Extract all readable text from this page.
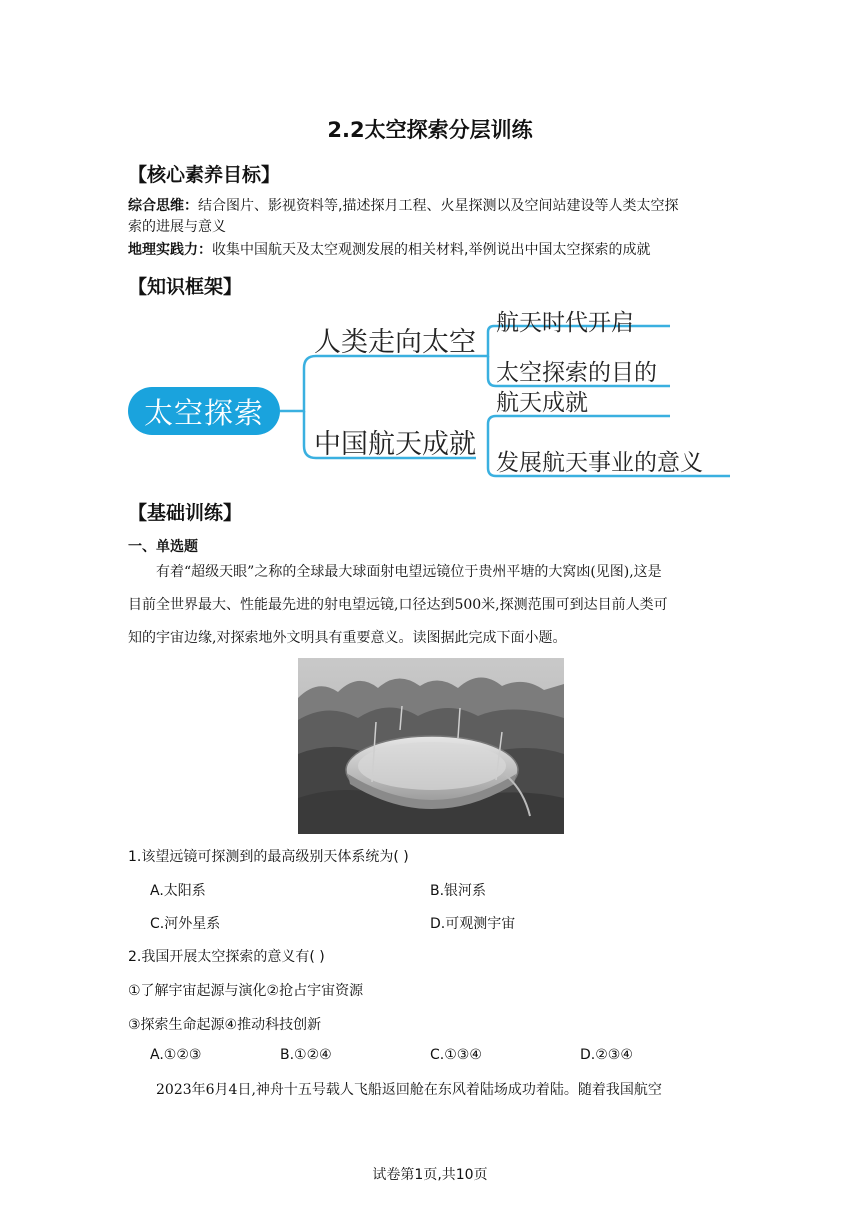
2.2太空探索分层训练
【核心素养目标】
综合思维：结合图片、影视资料等,描述探月工程、火星探测以及空间站建设等人类太空探
索的进展与意义
地理实践力：收集中国航天及太空观测发展的相关材料,举例说出中国太空探索的成就
【知识框架】
太空探索
人类走向太空
中国航天成就
航天时代开启
太空探索的目的
航天成就
发展航天事业的意义
【基础训练】
一、单选题
有着“超级天眼”之称的全球最大球面射电望远镜位于贵州平塘的大窝凼(见图),这是
目前全世界最大、性能最先进的射电望远镜,口径达到500米,探测范围可到达目前人类可
知的宇宙边缘,对探索地外文明具有重要意义。读图据此完成下面小题。
1.该望远镜可探测到的最高级别天体系统为( )
A.太阳系	B.银河系
C.河外星系	D.可观测宇宙
2.我国开展太空探索的意义有( )
①了解宇宙起源与演化②抢占宇宙资源
③探索生命起源④推动科技创新
A.①②③	B.①②④	C.①③④	D.②③④
2023年6月4日,神舟十五号载人飞船返回舱在东风着陆场成功着陆。随着我国航空
试卷第1页,共10页
